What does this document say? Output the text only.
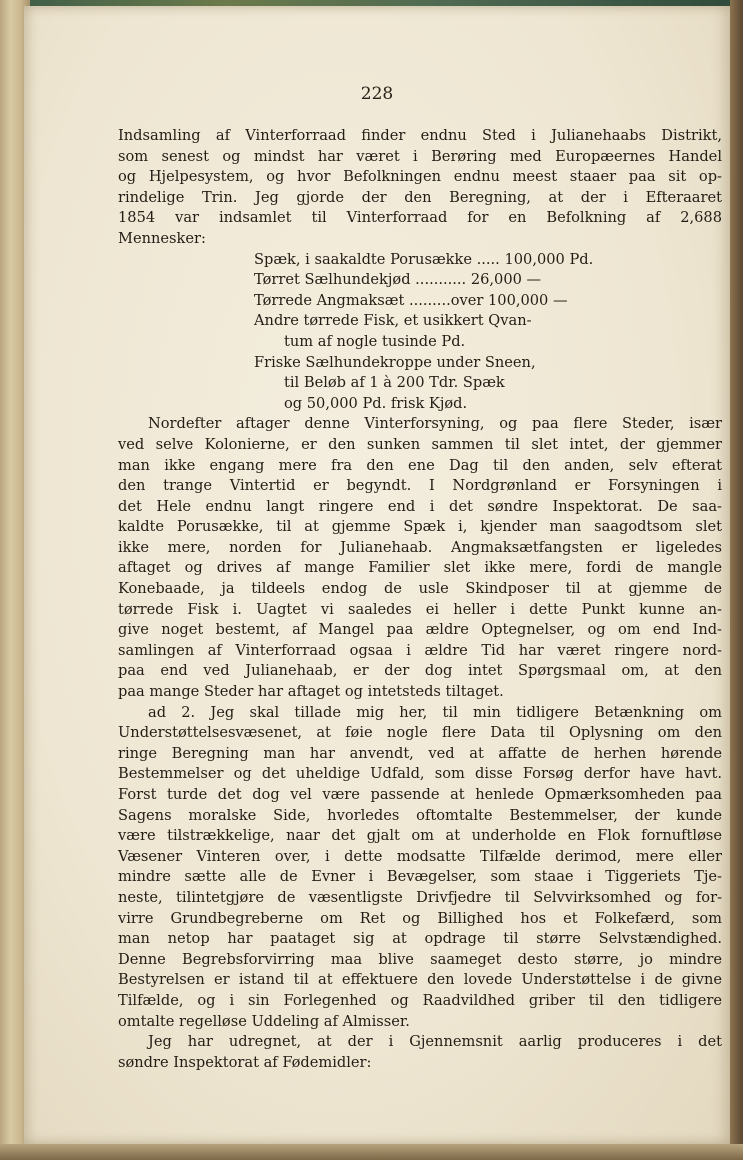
228
Indsamling af Vinterforraad finder endnu Sted i Julianehaabs Distrikt,
som senest og mindst har været i Berøring med Europæernes Handel
og Hjelpesystem, og hvor Befolkningen endnu meest staaer paa sit op-
rindelige Trin. Jeg gjorde der den Beregning, at der i Efteraaret
1854 var indsamlet til Vinterforraad for en Befolkning af 2,688
Mennesker:
Spæk, i saakaldte Porusække ..... 100,000 Pd.
Tørret Sælhundekjød ........... 26,000 —
Tørrede Angmaksæt .........over 100,000 —
Andre tørrede Fisk, et usikkert Qvan-
tum af nogle tusinde Pd.
Friske Sælhundekroppe under Sneen,
til Beløb af 1 à 200 Tdr. Spæk
og 50,000 Pd. frisk Kjød.
Nordefter aftager denne Vinterforsyning, og paa flere Steder, især
ved selve Kolonierne, er den sunken sammen til slet intet, der gjemmer
man ikke engang mere fra den ene Dag til den anden, selv efterat
den trange Vintertid er begyndt. I Nordgrønland er Forsyningen i
det Hele endnu langt ringere end i det søndre Inspektorat. De saa-
kaldte Porusække, til at gjemme Spæk i, kjender man saagodtsom slet
ikke mere, norden for Julianehaab. Angmaksætfangsten er ligeledes
aftaget og drives af mange Familier slet ikke mere, fordi de mangle
Konebaade, ja tildeels endog de usle Skindposer til at gjemme de
tørrede Fisk i. Uagtet vi saaledes ei heller i dette Punkt kunne an-
give noget bestemt, af Mangel paa ældre Optegnelser, og om end Ind-
samlingen af Vinterforraad ogsaa i ældre Tid har været ringere nord-
paa end ved Julianehaab, er der dog intet Spørgsmaal om, at den
paa mange Steder har aftaget og intetsteds tiltaget.
ad 2. Jeg skal tillade mig her, til min tidligere Betænkning om
Understøttelsesvæsenet, at føie nogle flere Data til Oplysning om den
ringe Beregning man har anvendt, ved at affatte de herhen hørende
Bestemmelser og det uheldige Udfald, som disse Forsøg derfor have havt.
Forst turde det dog vel være passende at henlede Opmærksomheden paa
Sagens moralske Side, hvorledes oftomtalte Bestemmelser, der kunde
være tilstrækkelige, naar det gjalt om at underholde en Flok fornuftløse
Væsener Vinteren over, i dette modsatte Tilfælde derimod, mere eller
mindre sætte alle de Evner i Bevægelser, som staae i Tiggeriets Tje-
neste, tilintetgjøre de væsentligste Drivfjedre til Selvvirksomhed og for-
virre Grundbegreberne om Ret og Billighed hos et Folkefærd, som
man netop har paataget sig at opdrage til større Selvstændighed.
Denne Begrebsforvirring maa blive saameget desto større, jo mindre
Bestyrelsen er istand til at effektuere den lovede Understøttelse i de givne
Tilfælde, og i sin Forlegenhed og Raadvildhed griber til den tidligere
omtalte regelløse Uddeling af Almisser.
Jeg har udregnet, at der i Gjennemsnit aarlig produceres i det
søndre Inspektorat af Fødemidler:
